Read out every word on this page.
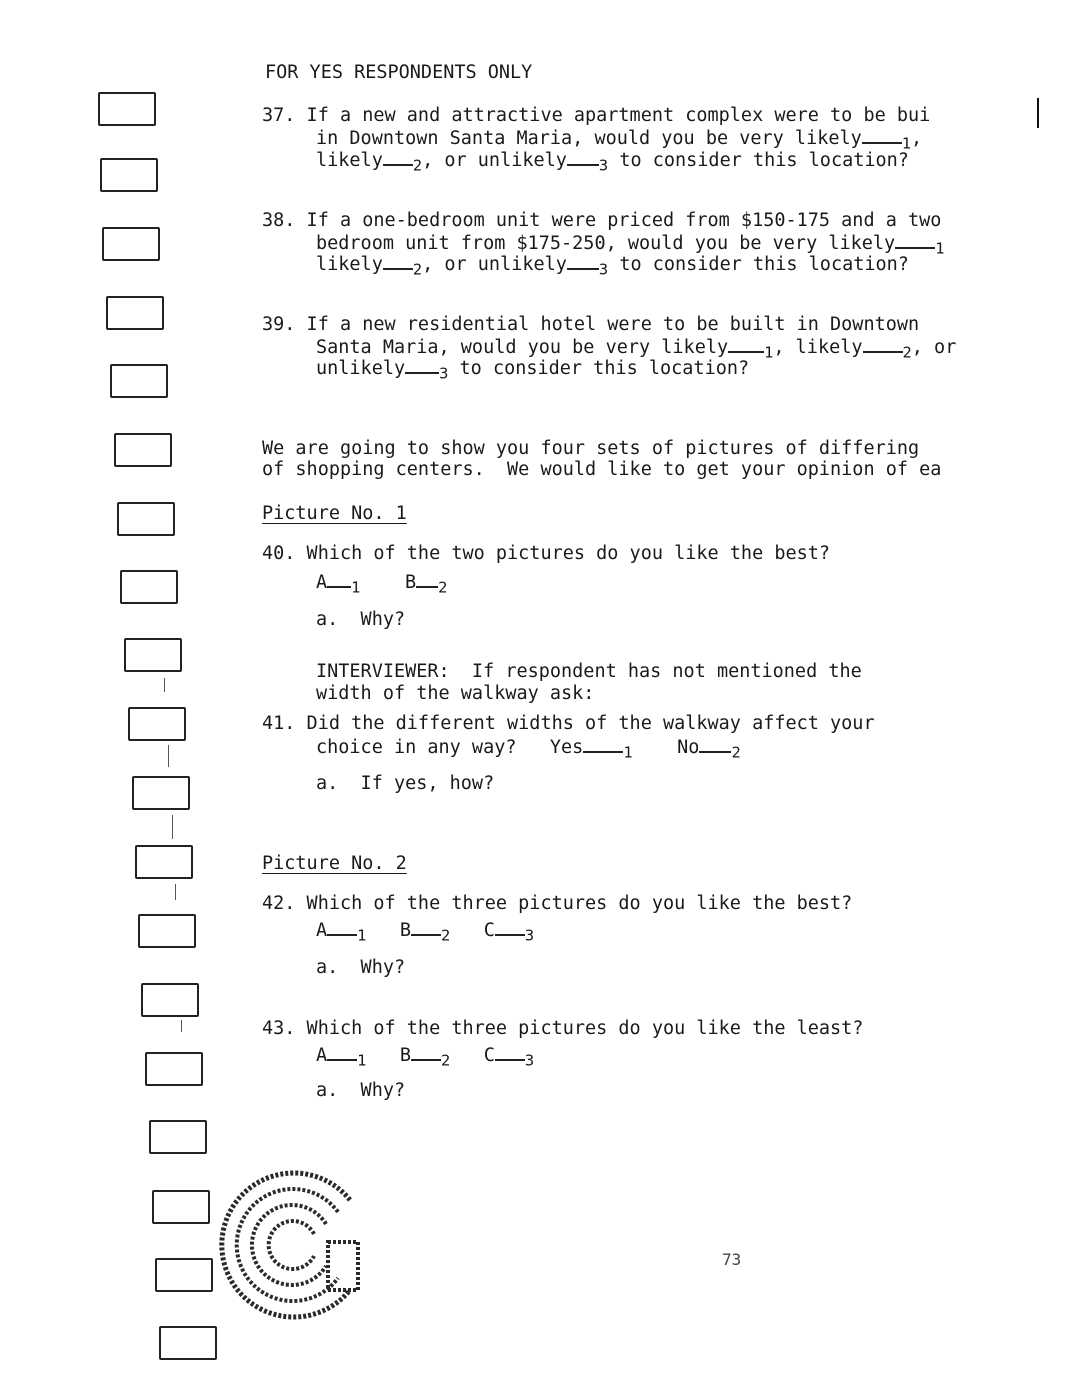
FOR YES RESPONDENTS ONLY
37. If a new and attractive apartment complex were to be bui
in Downtown Santa Maria, would you be very likely	$_1$,
likely $_2$, or unlikely $_3$ to consider this location?
38. If a one-bedroom unit were priced from $150-175 and a two
bedroom unit from $175-250, would you be very likely	$_1$
likely $_2$, or unlikely $_3$ to consider this location?
39. If a new residential hotel were to be built in Downtown
Santa Maria, would you be very likely $_1$, likely	$_2$, or
unlikely $_3$ to consider this location?
We are going to show you four sets of pictures of differing
of shopping centers.  We would like to get your opinion of ea
Picture No. 1
40. Which of the two pictures do you like the best?
A $_1$ B $_2$
a.  Why?
INTERVIEWER:  If respondent has not mentioned the
width of the walkway ask:
41. Did the different widths of the walkway affect your
choice in any way?   Yes	$_1$ No $_2$
a.  If yes, how?
Picture No. 2
42. Which of the three pictures do you like the best?
A $_1$ B $_2$ C $_3$
a.  Why?
43. Which of the three pictures do you like the least?
A $_1$ B $_2$ C $_3$
a.  Why?
73
